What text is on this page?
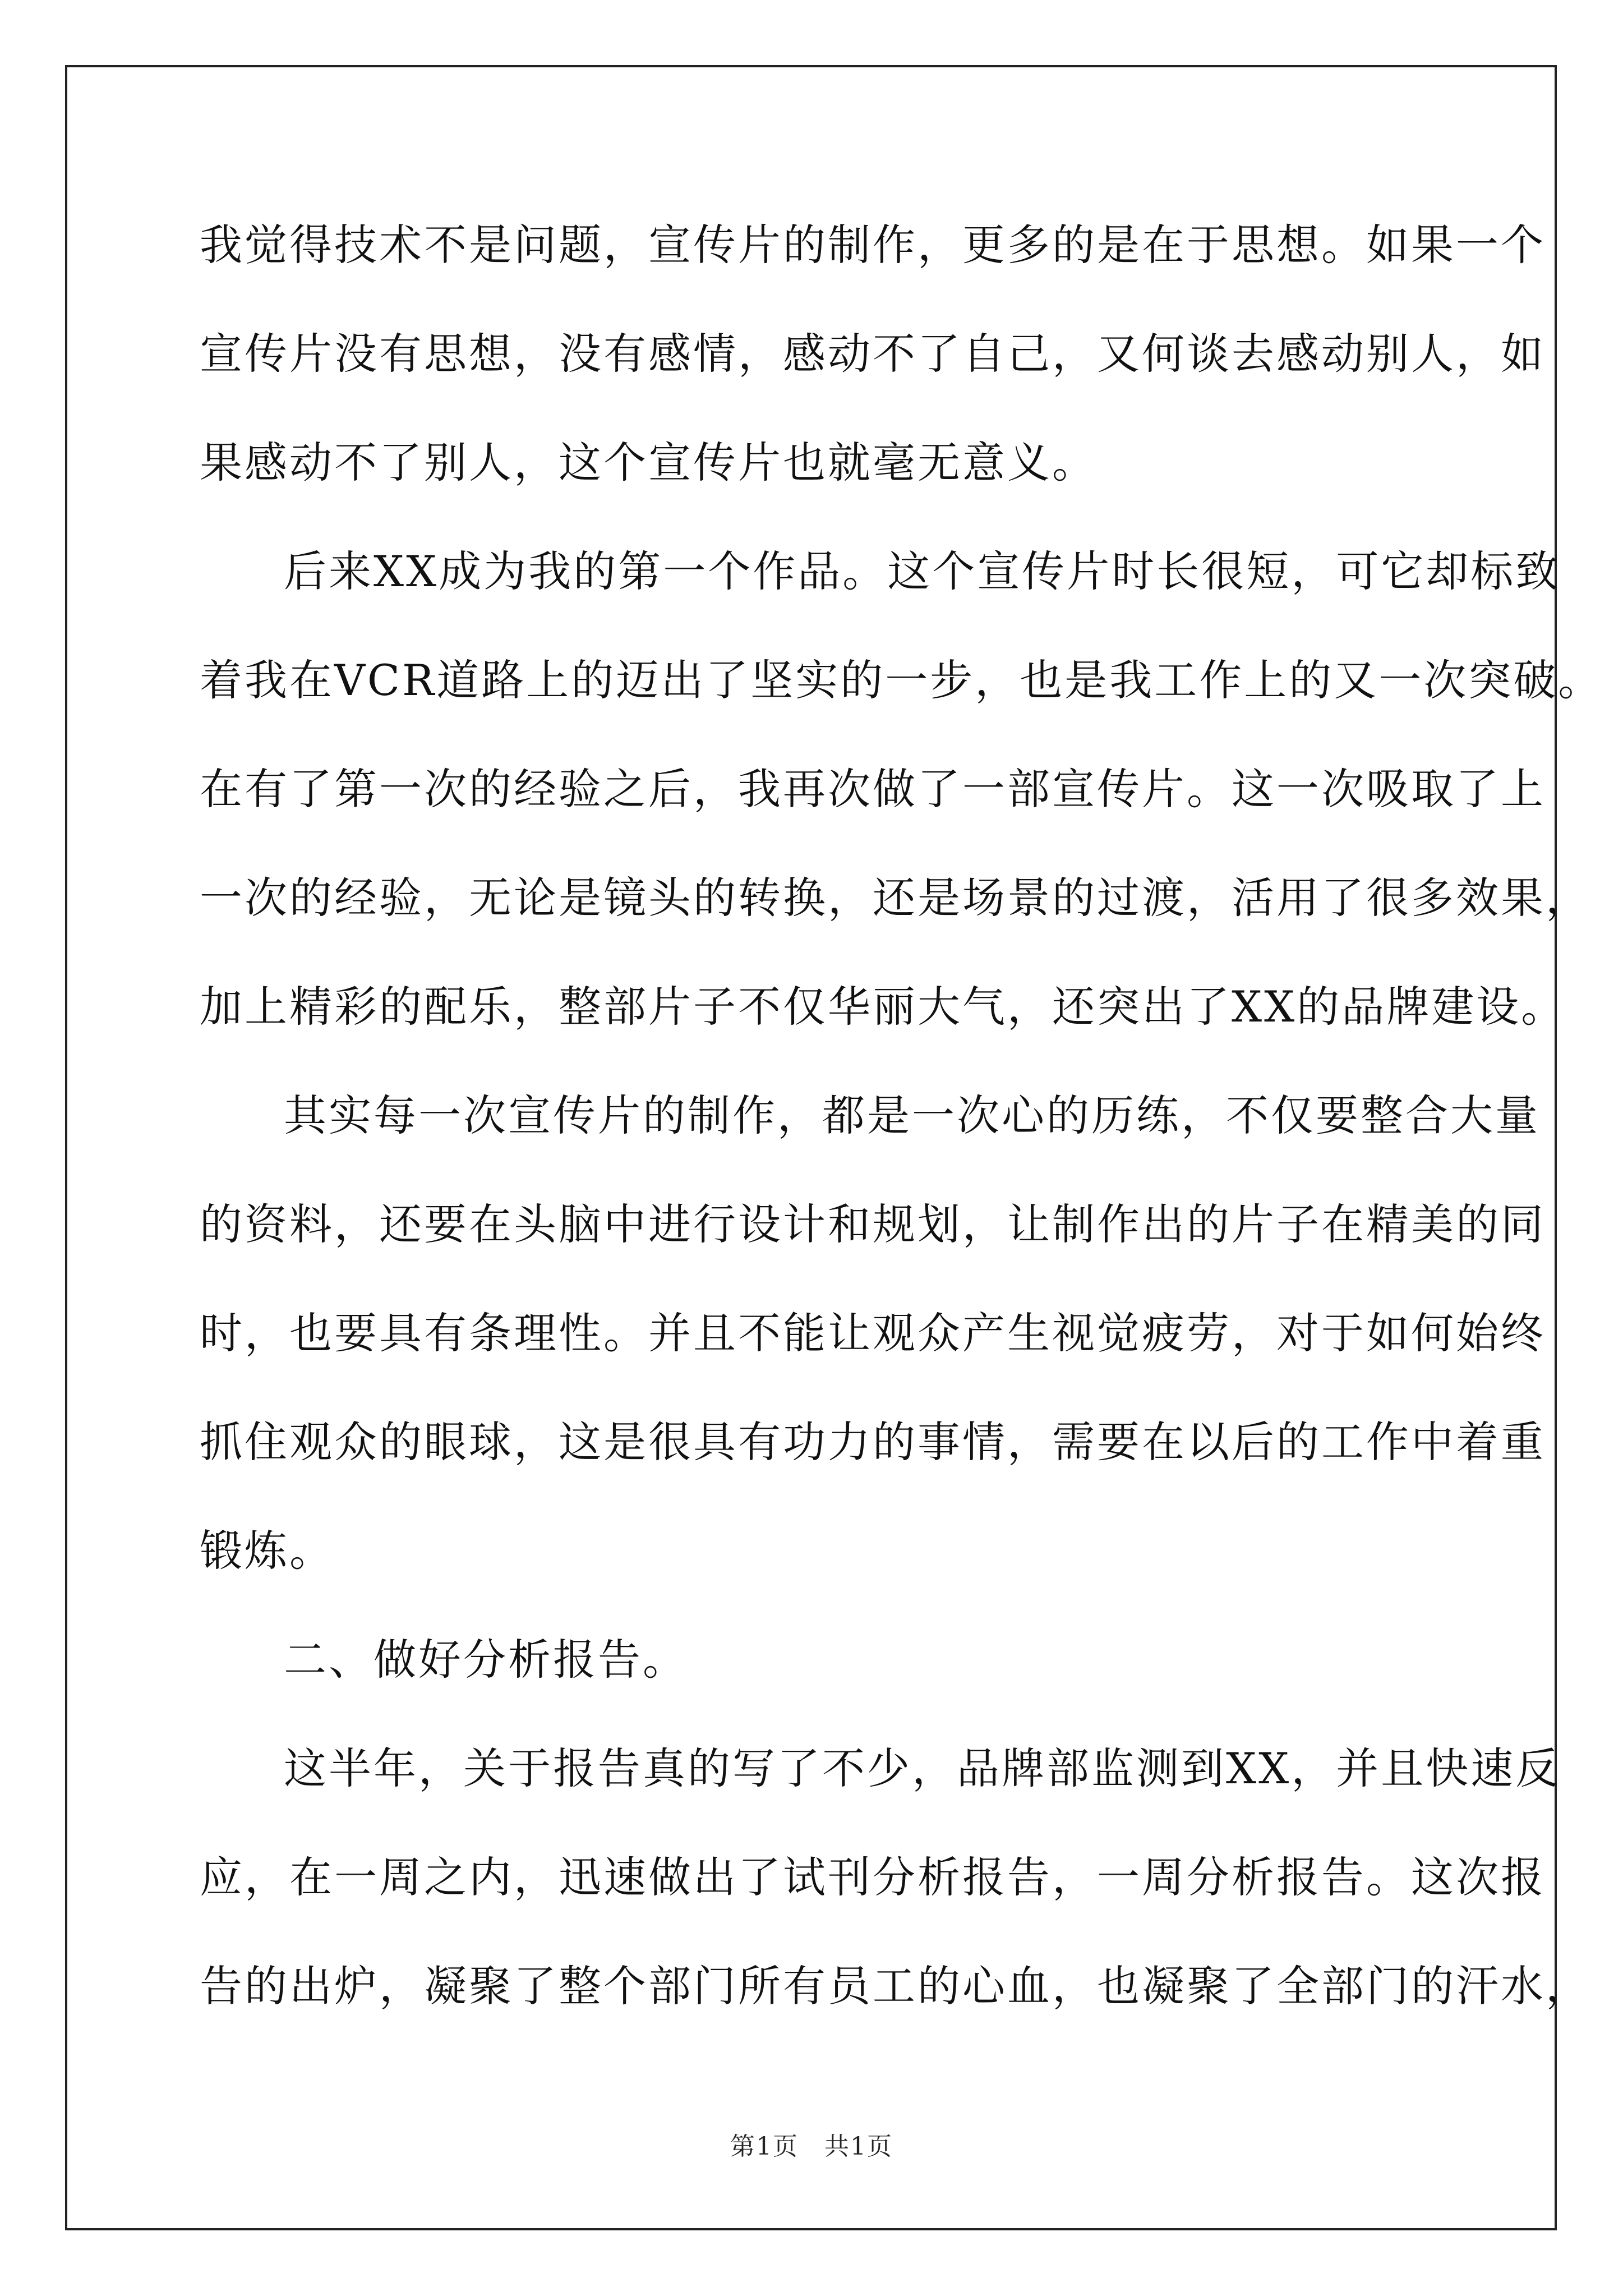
我觉得技术不是问题，宣传片的制作，更多的是在于思想。如果一个
宣传片没有思想，没有感情，感动不了自己，又何谈去感动别人，如
果感动不了别人，这个宣传片也就毫无意义。
后来XX成为我的第一个作品。这个宣传片时长很短，可它却标致
着我在VCR道路上的迈出了坚实的一步，也是我工作上的又一次突破。
在有了第一次的经验之后，我再次做了一部宣传片。这一次吸取了上
一次的经验，无论是镜头的转换，还是场景的过渡，活用了很多效果，
加上精彩的配乐，整部片子不仅华丽大气，还突出了XX的品牌建设。
其实每一次宣传片的制作，都是一次心的历练，不仅要整合大量
的资料，还要在头脑中进行设计和规划，让制作出的片子在精美的同
时，也要具有条理性。并且不能让观众产生视觉疲劳，对于如何始终
抓住观众的眼球，这是很具有功力的事情，需要在以后的工作中着重
锻炼。
二、做好分析报告。
这半年，关于报告真的写了不少，品牌部监测到XX，并且快速反
应，在一周之内，迅速做出了试刊分析报告，一周分析报告。这次报
告的出炉，凝聚了整个部门所有员工的心血，也凝聚了全部门的汗水，
第1页　共1页
